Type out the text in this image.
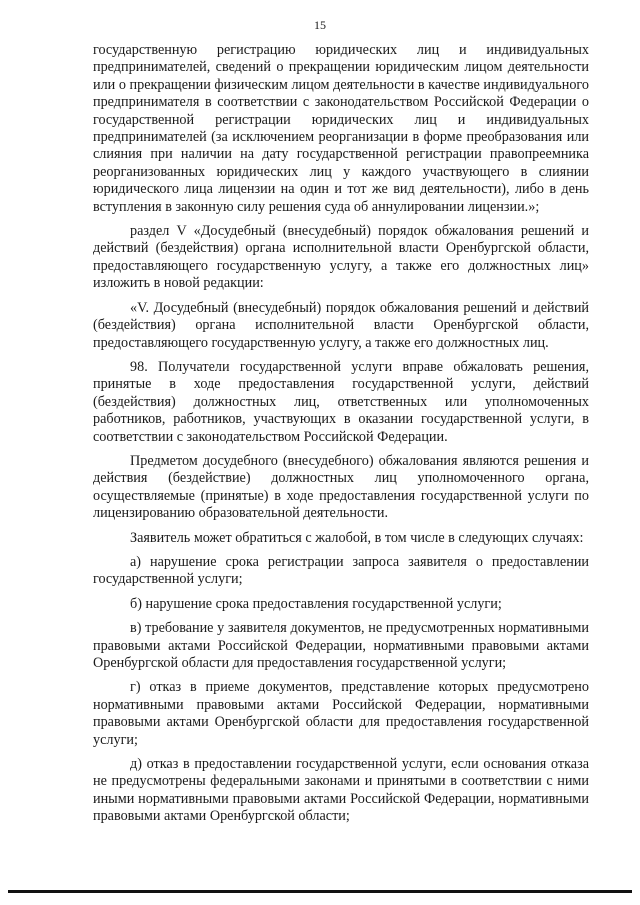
15

государственную регистрацию юридических лиц и индивидуальных предпринимателей, сведений о прекращении юридическим лицом деятельности или о прекращении физическим лицом деятельности в качестве индивидуального предпринимателя в соответствии с законодательством Российской Федерации о государственной регистрации юридических лиц и индивидуальных предпринимателей (за исключением реорганизации в форме преобразования или слияния при наличии на дату государственной регистрации правопреемника реорганизованных юридических лиц у каждого участвующего в слиянии юридического лица лицензии на один и тот же вид деятельности), либо в день вступления в законную силу решения суда об аннулировании лицензии.»;

раздел V «Досудебный (внесудебный) порядок обжалования решений и действий (бездействия) органа исполнительной власти Оренбургской области, предоставляющего государственную услугу, а также его должностных лиц» изложить в новой редакции:

«V. Досудебный (внесудебный) порядок обжалования решений и действий (бездействия) органа исполнительной власти Оренбургской области, предоставляющего государственную услугу, а также его должностных лиц.

98. Получатели государственной услуги вправе обжаловать решения, принятые в ходе предоставления государственной услуги, действий (бездействия) должностных лиц, ответственных или уполномоченных работников, работников, участвующих в оказании государственной услуги, в соответствии с законодательством Российской Федерации.

Предметом досудебного (внесудебного) обжалования являются решения и действия (бездействие) должностных лиц уполномоченного органа, осуществляемые (принятые) в ходе предоставления государственной услуги по лицензированию образовательной деятельности.

Заявитель может обратиться с жалобой, в том числе в следующих случаях:

а) нарушение срока регистрации запроса заявителя о предоставлении государственной услуги;

б) нарушение срока предоставления государственной услуги;

в) требование у заявителя документов, не предусмотренных нормативными правовыми актами Российской Федерации, нормативными правовыми актами Оренбургской области для предоставления государственной услуги;

г) отказ в приеме документов, представление которых предусмотрено нормативными правовыми актами Российской Федерации, нормативными правовыми актами Оренбургской области для предоставления государственной услуги;

д) отказ в предоставлении государственной услуги, если основания отказа не предусмотрены федеральными законами и принятыми в соответствии с ними иными нормативными правовыми актами Российской Федерации, нормативными правовыми актами Оренбургской области;
